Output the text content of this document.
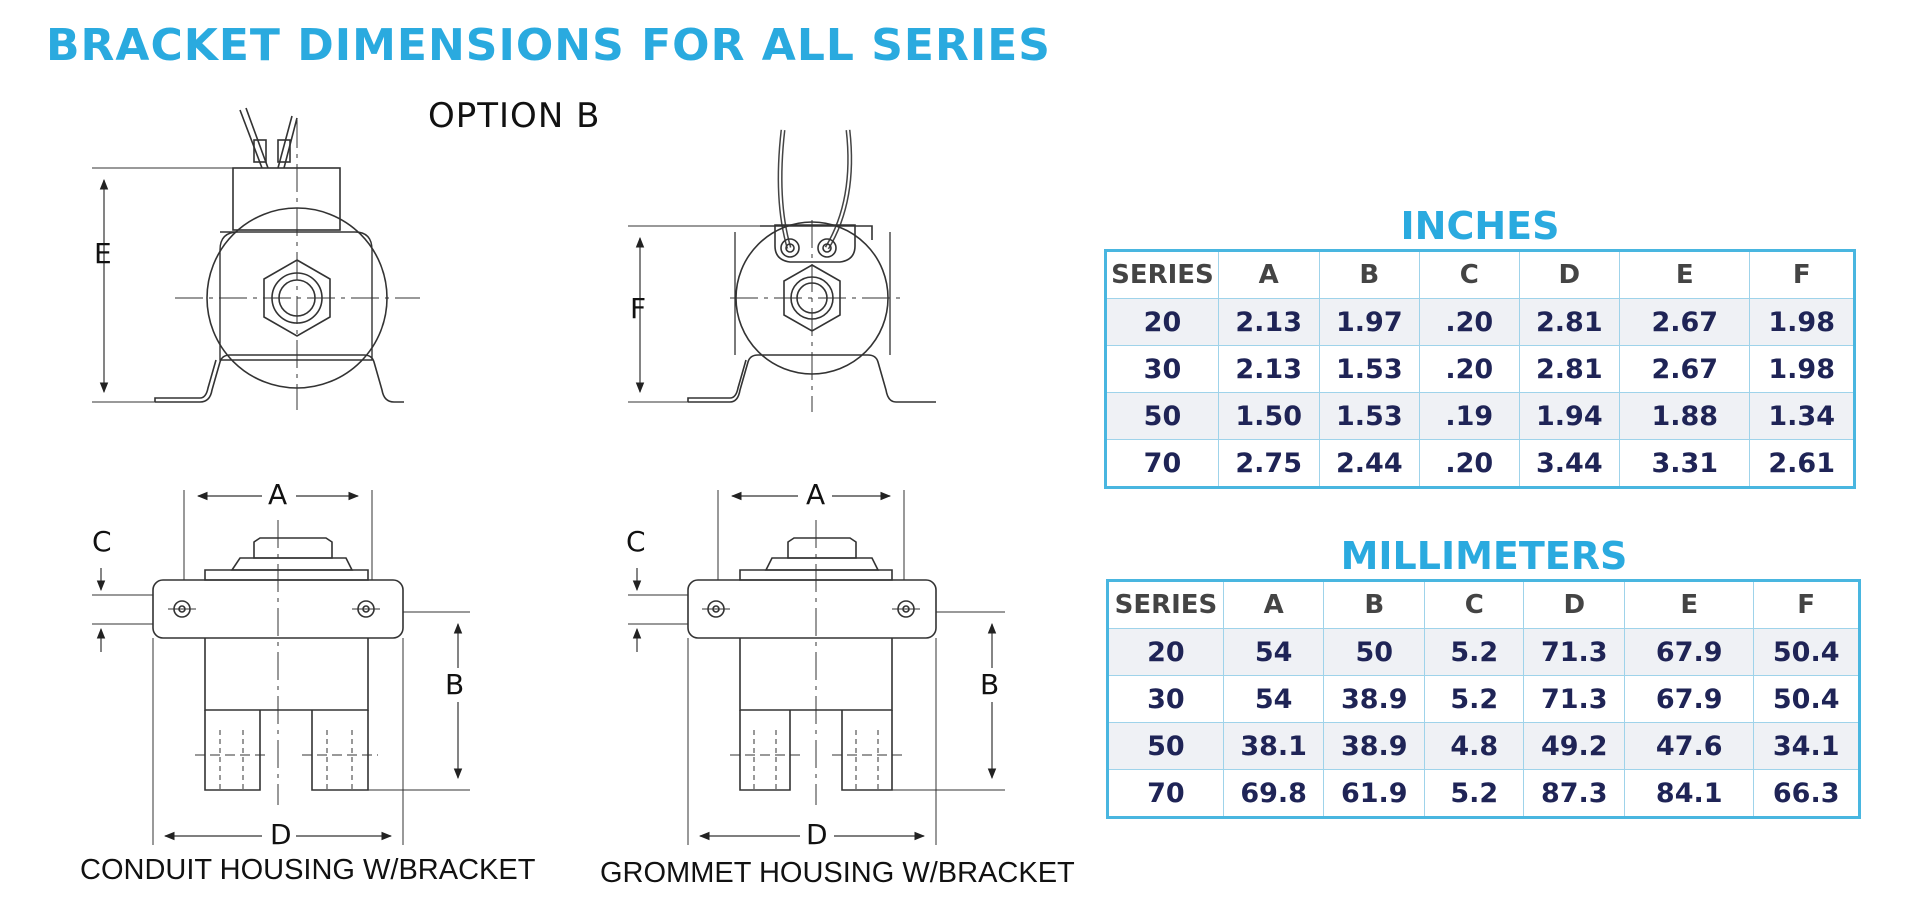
BRACKET DIMENSIONS FOR ALL SERIES
OPTION B
E
F
A
C
B
D
A
C
B
D
CONDUIT HOUSING W/BRACKET GROMMET HOUSING W/BRACKET
INCHES
SERIES	A	B	C	D	E	F
20	2.13	1.97	.20	2.81	2.67	1.98
30	2.13	1.53	.20	2.81	2.67	1.98
50	1.50	1.53	.19	1.94	1.88	1.34
70	2.75	2.44	.20	3.44	3.31	2.61
MILLIMETERS
SERIES	A	B	C	D	E	F
20	54	50	5.2	71.3	67.9	50.4
30	54	38.9	5.2	71.3	67.9	50.4
50	38.1	38.9	4.8	49.2	47.6	34.1
70	69.8	61.9	5.2	87.3	84.1	66.3
